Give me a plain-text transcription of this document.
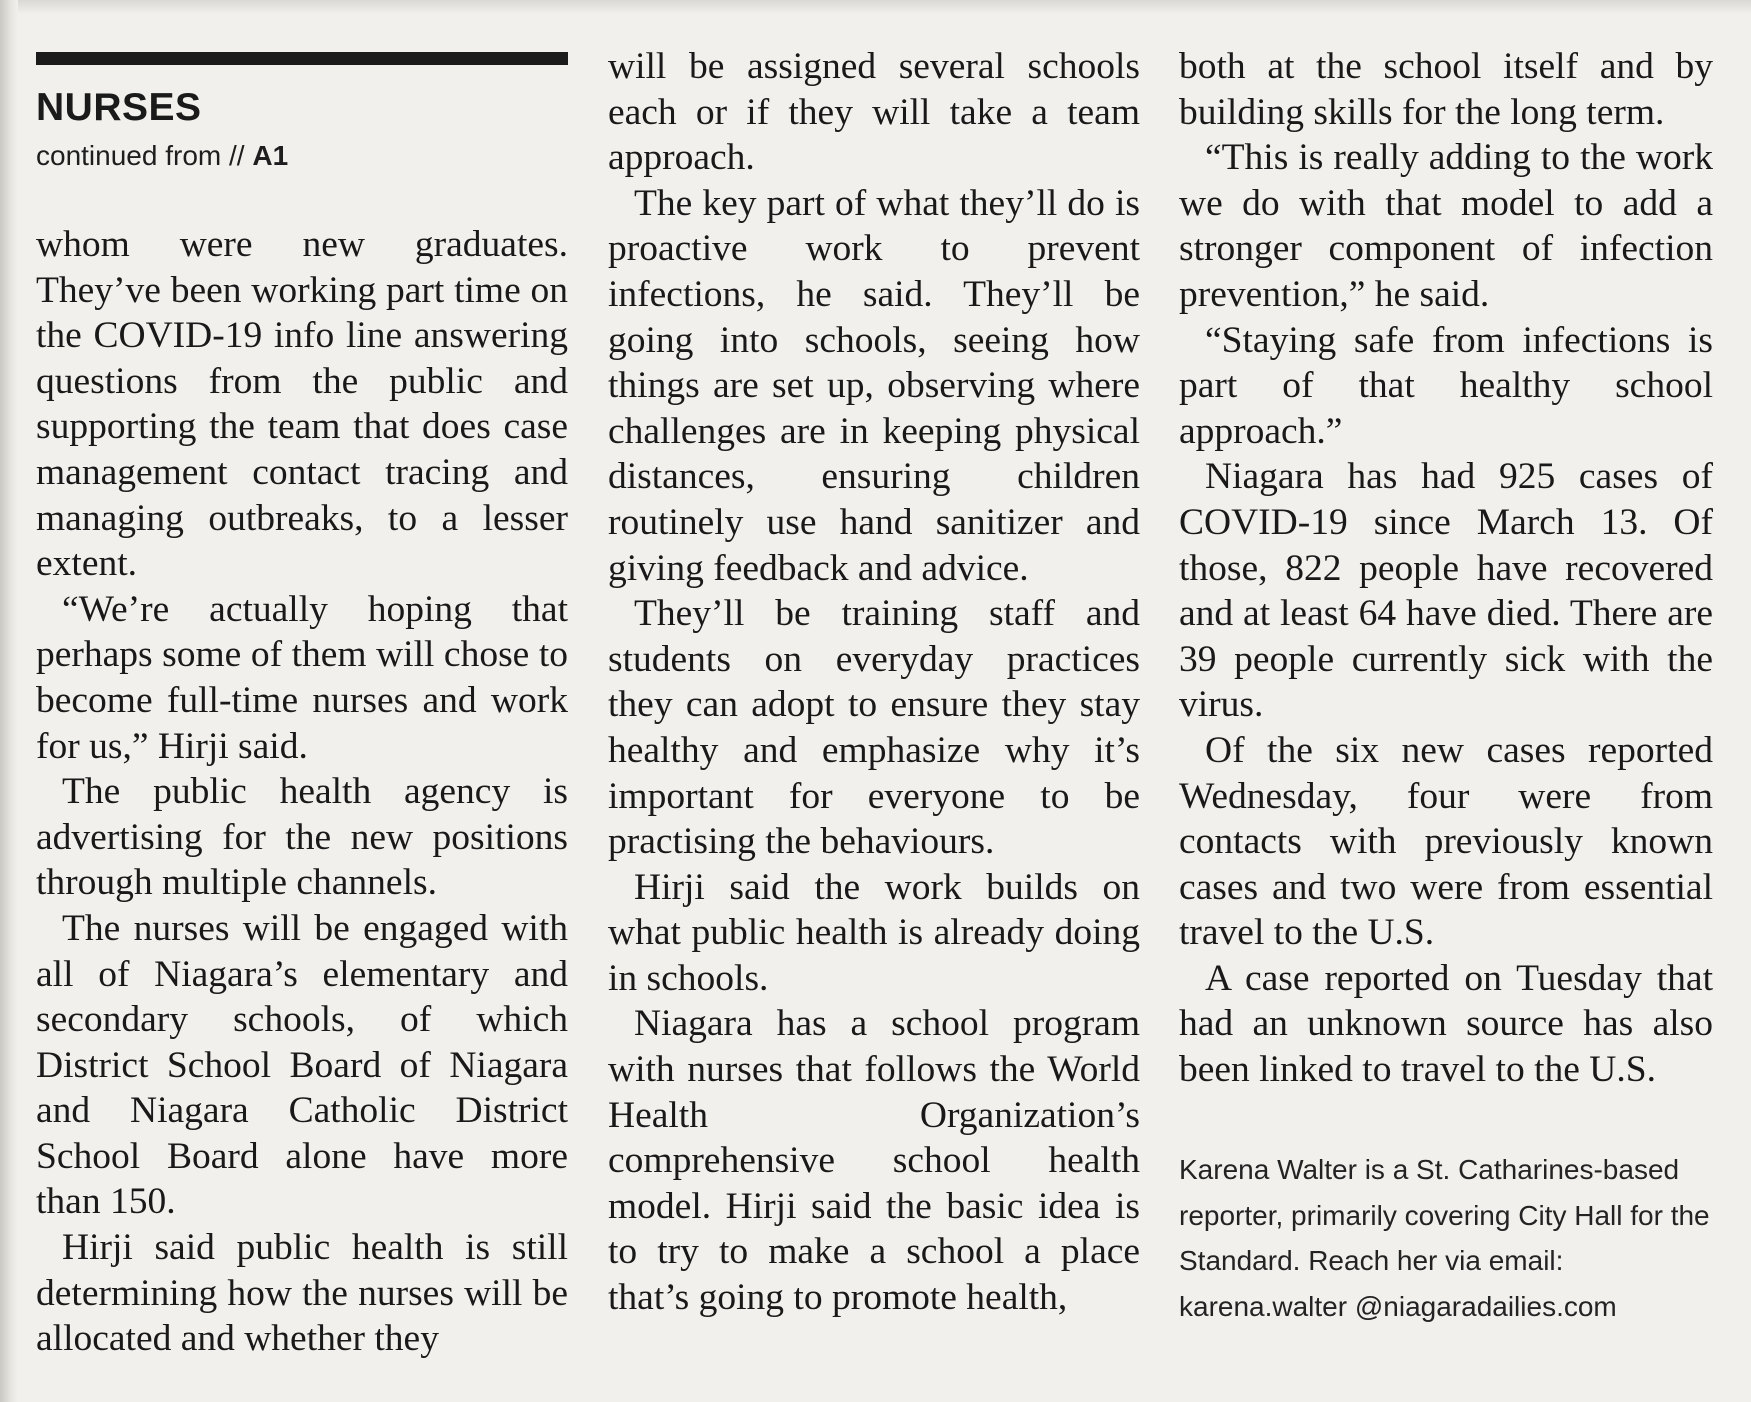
NURSES
continued from // A1

whom were new graduates. They’ve been working part time on the COVID-19 info line answering questions from the public and supporting the team that does case management contact tracing and managing outbreaks, to a lesser extent.

“We’re actually hoping that perhaps some of them will chose to become full-time nurses and work for us,” Hirji said.

The public health agency is advertising for the new positions through multiple channels.

The nurses will be engaged with all of Niagara’s elementary and secondary schools, of which District School Board of Niagara and Niagara Catholic District School Board alone have more than 150.

Hirji said public health is still determining how the nurses will be allocated and whether they

will be assigned several schools each or if they will take a team approach.

The key part of what they’ll do is proactive work to prevent infections, he said. They’ll be going into schools, seeing how things are set up, observing where challenges are in keeping physical distances, ensuring children routinely use hand sanitizer and giving feedback and advice.

They’ll be training staff and students on everyday practices they can adopt to ensure they stay healthy and emphasize why it’s important for everyone to be practising the behaviours.

Hirji said the work builds on what public health is already doing in schools.

Niagara has a school program with nurses that follows the World Health Organization’s comprehensive school health model. Hirji said the basic idea is to try to make a school a place that’s going to promote health,

both at the school itself and by building skills for the long term.

“This is really adding to the work we do with that model to add a stronger component of infection prevention,” he said.

“Staying safe from infections is part of that healthy school approach.”

Niagara has had 925 cases of COVID-19 since March 13. Of those, 822 people have recovered and at least 64 have died. There are 39 people currently sick with the virus.

Of the six new cases reported Wednesday, four were from contacts with previously known cases and two were from essential travel to the U.S.

A case reported on Tuesday that had an unknown source has also been linked to travel to the U.S.

Karena Walter is a St. Catharines-based reporter, primarily covering City Hall for the Standard. Reach her via email: karena.walter @niagaradailies.com
